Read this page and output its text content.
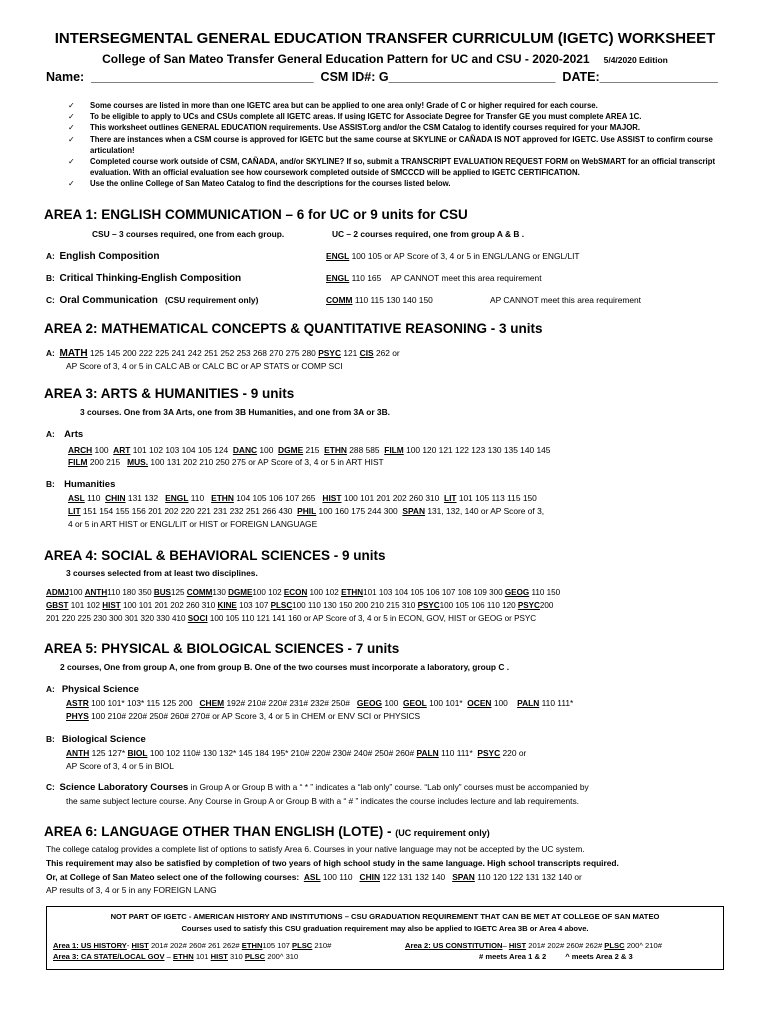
INTERSEGMENTAL GENERAL EDUCATION TRANSFER CURRICULUM (IGETC) WORKSHEET
College of San Mateo Transfer General Education Pattern for UC and CSU - 2020-2021 5/4/2020 Edition
Name:  ________________________________  CSM ID#: G________________________  DATE:_________________
✓ Some courses are listed in more than one IGETC area but can be applied to one area only! Grade of C or higher required for each course.
✓ To be eligible to apply to UCs and CSUs complete all IGETC areas. If using IGETC for Associate Degree for Transfer GE you must complete AREA 1C.
✓ This worksheet outlines GENERAL EDUCATION requirements. Use ASSIST.org and/or the CSM Catalog to identify courses required for your MAJOR.
✓ There are instances when a CSM course is approved for IGETC but the same course at SKYLINE or CAÑADA IS NOT approved for IGETC. Use ASSIST to confirm course articulation!
✓ Completed course work outside of CSM, CAÑADA, and/or SKYLINE? If so, submit a TRANSCRIPT EVALUATION REQUEST FORM on WebSMART for an official transcript evaluation. With an official evaluation see how coursework completed outside of SMCCCD will be applied to IGETC CERTIFICATION.
✓ Use the online College of San Mateo Catalog to find the descriptions for the courses listed below.
AREA 1: ENGLISH COMMUNICATION – 6 for UC or 9 units for CSU
CSU – 3 courses required, one from each group.	UC – 2 courses required, one from group A & B .
A: English Composition	ENGL 100 105 or AP Score of 3, 4 or 5 in ENGL/LANG or ENGL/LIT
B: Critical Thinking-English Composition	ENGL 110 165 AP CANNOT meet this area requirement
C: Oral Communication (CSU requirement only)	COMM 110 115 130 140 150	AP CANNOT meet this area requirement
AREA 2: MATHEMATICAL CONCEPTS & QUANTITATIVE REASONING - 3 units
A: MATH 125 145 200 222 225 241 242 251 252 253 268 270 275 280 PSYC 121 CIS 262 or
AP Score of 3, 4 or 5 in CALC AB or CALC BC or AP STATS or COMP SCI
AREA 3: ARTS & HUMANITIES - 9 units
3 courses. One from 3A Arts, one from 3B Humanities, and one from 3A or 3B.
A: Arts
ARCH 100 ART 101 102 103 104 105 124 DANC 100 DGME 215 ETHN 288 585 FILM 100 120 121 122 123 130 135 140 145
FILM 200 215 MUS. 100 131 202 210 250 275 or AP Score of 3, 4 or 5 in ART HIST
B: Humanities
ASL 110 CHIN 131 132 ENGL 110 ETHN 104 105 106 107 265 HIST 100 101 201 202 260 310 LIT 101 105 113 115 150
LIT 151 154 155 156 201 202 220 221 231 232 251 266 430 PHIL 100 160 175 244 300 SPAN 131, 132, 140 or AP Score of 3,
4 or 5 in ART HIST or ENGL/LIT or HIST or FOREIGN LANGUAGE
AREA 4: SOCIAL & BEHAVIORAL SCIENCES - 9 units
3 courses selected from at least two disciplines.
ADMJ100 ANTH110 180 350 BUS125 COMM130 DGME100 102 ECON 100 102 ETHN101 103 104 105 106 107 108 109 300 GEOG 110 150
GBST 101 102 HIST 100 101 201 202 260 310 KINE 103 107 PLSC100 110 130 150 200 210 215 310 PSYC100 105 106 110 120 PSYC200
201 220 225 230 300 301 320 330 410 SOCI 100 105 110 121 141 160 or AP Score of 3, 4 or 5 in ECON, GOV, HIST or GEOG or PSYC
AREA 5: PHYSICAL & BIOLOGICAL SCIENCES - 7 units
2 courses, One from group A, one from group B. One of the two courses must incorporate a laboratory, group C .
A: Physical Science
ASTR 100 101* 103* 115 125 200 CHEM 192# 210# 220# 231# 232# 250# GEOG 100 GEOL 100 101* OCEN 100 PALN 110 111*
PHYS 100 210# 220# 250# 260# 270# or AP Score 3, 4 or 5 in CHEM or ENV SCI or PHYSICS
B: Biological Science
ANTH 125 127* BIOL 100 102 110# 130 132* 145 184 195* 210# 220# 230# 240# 250# 260# PALN 110 111* PSYC 220 or
AP Score of 3, 4 or 5 in BIOL
C: Science Laboratory Courses in Group A or Group B with a “ * ” indicates a “lab only” course. “Lab only” courses must be accompanied by
the same subject lecture course. Any Course in Group A or Group B with a “ # ” indicates the course includes lecture and lab requirements.
AREA 6: LANGUAGE OTHER THAN ENGLISH (LOTE) - (UC requirement only)
The college catalog provides a complete list of options to satisfy Area 6. Courses in your native language may not be accepted by the UC system.
This requirement may also be satisfied by completion of two years of high school study in the same language. High school transcripts required.
Or, at College of San Mateo select one of the following courses: ASL 100 110 CHIN 122 131 132 140 SPAN 110 120 122 131 132 140 or
AP results of 3, 4 or 5 in any FOREIGN LANG
NOT PART OF IGETC - AMERICAN HISTORY AND INSTITUTIONS – CSU GRADUATION REQUIREMENT THAT CAN BE MET AT COLLEGE OF SAN MATEO
Courses used to satisfy this CSU graduation requirement may also be applied to IGETC Area 3B or Area 4 above.
Area 1: US HISTORY- HIST 201# 202# 260# 261 262# ETHN105 107 PLSC 210#
Area 3: CA STATE/LOCAL GOV – ETHN 101 HIST 310 PLSC 200^ 310
Area 2: US CONSTITUTION– HIST 201# 202# 260# 262# PLSC 200^ 210#
# meets Area 1 & 2         ^ meets Area 2 & 3
